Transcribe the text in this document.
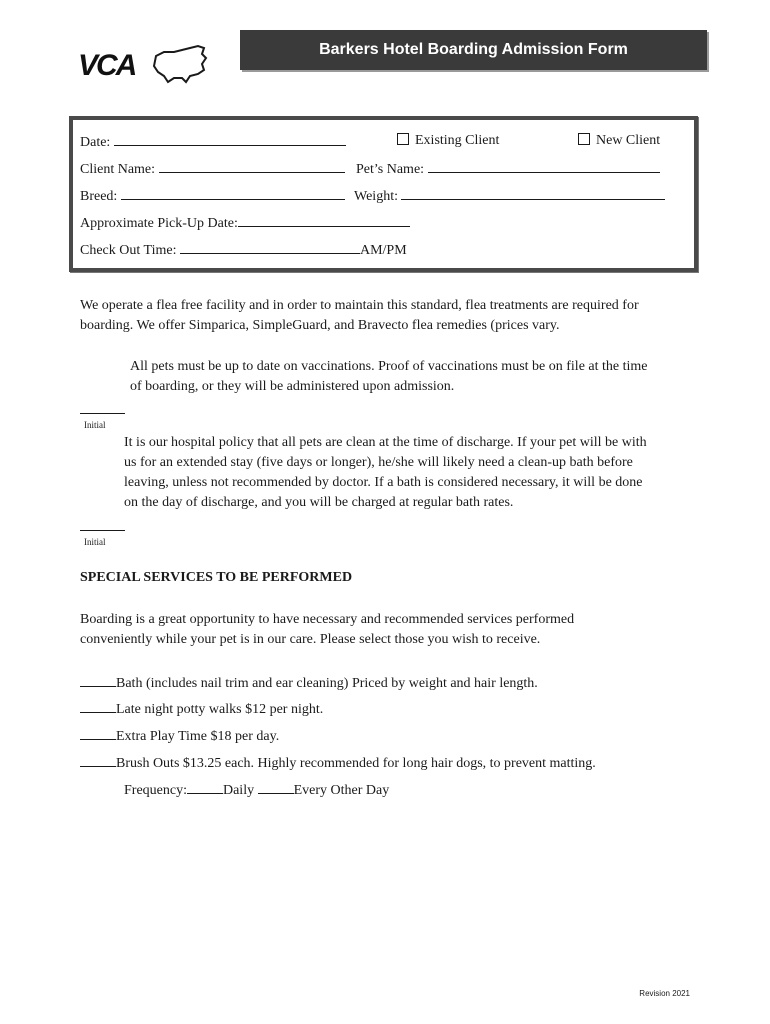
VCA	Barkers Hotel Boarding Admission Form
Date:	Existing Client	New Client
Client Name:	Pet’s Name:
Breed:	Weight:
Approximate Pick-Up Date:
Check Out Time:	AM/PM
We operate a flea free facility and in order to maintain this standard, flea treatments are required for
boarding. We offer Simparica, SimpleGuard, and Bravecto flea remedies (prices vary.
All pets must be up to date on vaccinations. Proof of vaccinations must be on file at the time
of boarding, or they will be administered upon admission.
Initial
It is our hospital policy that all pets are clean at the time of discharge. If your pet will be with
us for an extended stay (five days or longer), he/she will likely need a clean-up bath before
leaving, unless not recommended by doctor. If a bath is considered necessary, it will be done
on the day of discharge, and you will be charged at regular bath rates.
Initial
SPECIAL SERVICES TO BE PERFORMED
Boarding is a great opportunity to have necessary and recommended services performed
conveniently while your pet is in our care. Please select those you wish to receive.
Bath (includes nail trim and ear cleaning) Priced by weight and hair length.
Late night potty walks $12 per night.
Extra Play Time $18 per day.
Brush Outs $13.25 each. Highly recommended for long hair dogs, to prevent matting.
Frequency:	Daily	Every Other Day
Revision 2021
